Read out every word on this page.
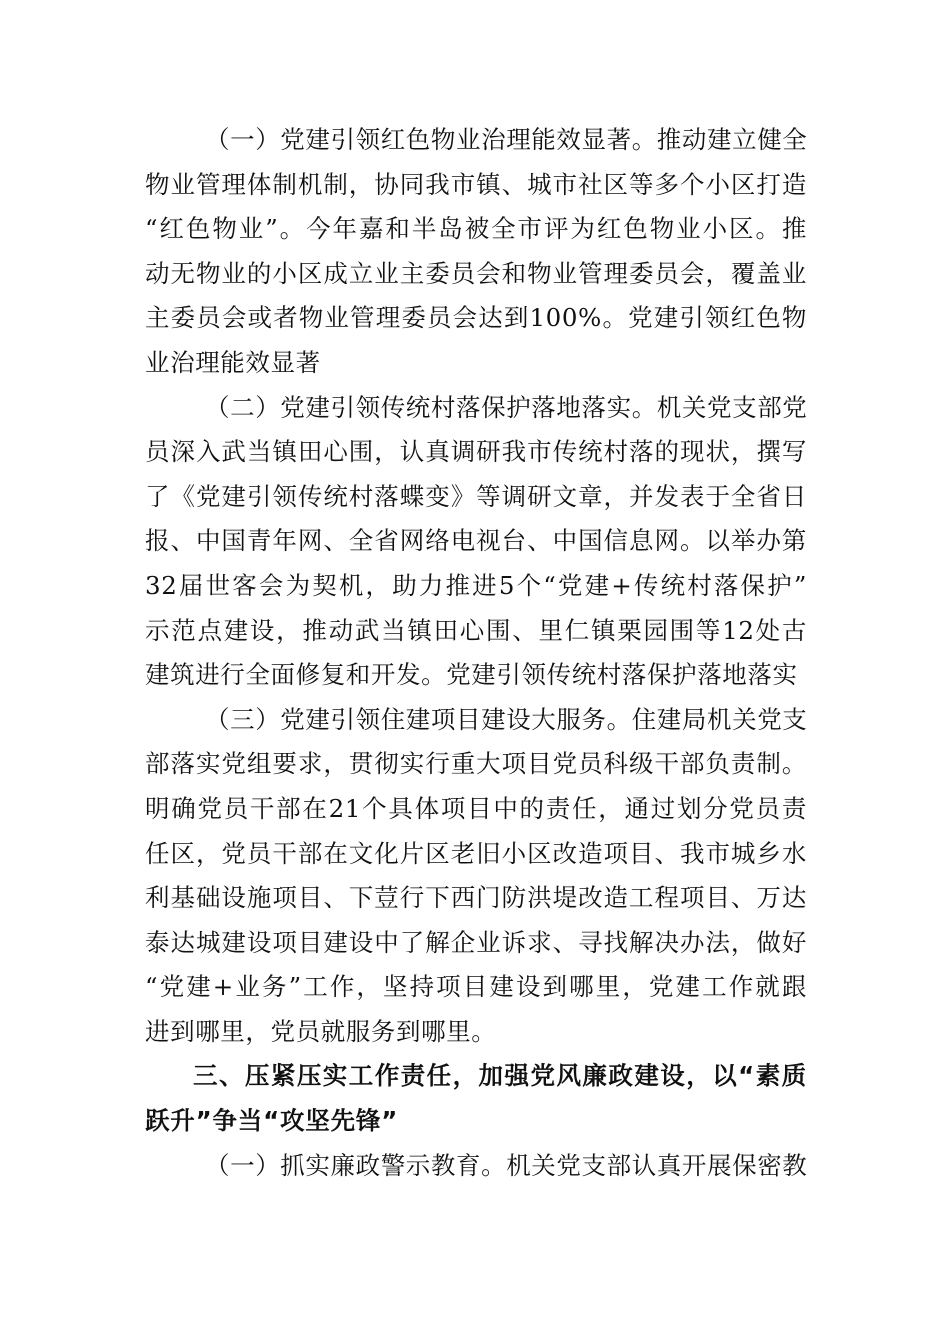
（一）党建引领红色物业治理能效显著。推动建立健全
物业管理体制机制，协同我市镇、城市社区等多个小区打造
“红色物业”。今年嘉和半岛被全市评为红色物业小区。推
动无物业的小区成立业主委员会和物业管理委员会，覆盖业
主委员会或者物业管理委员会达到100%。党建引领红色物
业治理能效显著
（二）党建引领传统村落保护落地落实。机关党支部党
员深入武当镇田心围，认真调研我市传统村落的现状，撰写
了《党建引领传统村落蝶变》等调研文章，并发表于全省日
报、中国青年网、全省网络电视台、中国信息网。以举办第
32届世客会为契机，助力推进5个“党建+传统村落保护”
示范点建设，推动武当镇田心围、里仁镇栗园围等12处古
建筑进行全面修复和开发。党建引领传统村落保护落地落实
（三）党建引领住建项目建设大服务。住建局机关党支
部落实党组要求，贯彻实行重大项目党员科级干部负责制。
明确党员干部在21个具体项目中的责任，通过划分党员责
任区，党员干部在文化片区老旧小区改造项目、我市城乡水
利基础设施项目、下荳行下西门防洪堤改造工程项目、万达
泰达城建设项目建设中了解企业诉求、寻找解决办法，做好
“党建+业务”工作，坚持项目建设到哪里，党建工作就跟
进到哪里，党员就服务到哪里。
三、压紧压实工作责任，加强党风廉政建设，以“素质
跃升”争当“攻坚先锋”
（一）抓实廉政警示教育。机关党支部认真开展保密教
